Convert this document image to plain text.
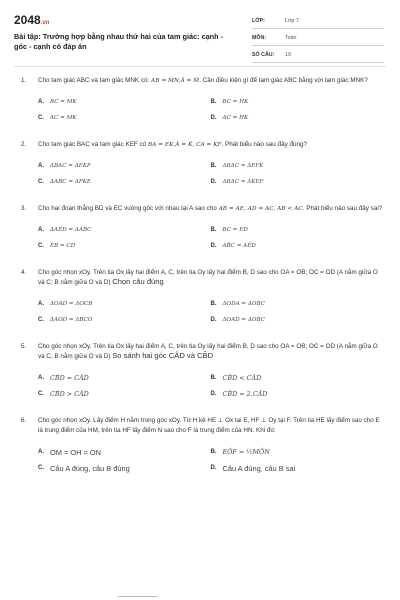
2048.vn
Bài tập: Trường hợp bằng nhau thứ hai của tam giác: cạnh - góc - cạnh có đáp án
LỚP:	Lớp 7
MÔN:	Toán
SỐ CÂU:	19
1.	Cho tam giác ABC và tam giác MNK có: AB = MN,Â = M̂. Cần điều kiện gì để tam giác ABC bằng với tam giác MNK?
A.	BC = MK	B.	BC = HK
C.	AC = MK	D.	AC = HK
2.	Cho tam giác BAC và tam giác KEF có BA = EK,Â = K̂, CA = KF. Phát biểu nào sau đây đúng?
A.	ΔBAC = ΔEKF	B.	ΔBAC = ΔEFK
C.	ΔABC = ΔFKE	D.	ΔBAC = ΔKEF
3.	Cho hai đoạn thẳng BD và EC vuông góc với nhau tại A sao cho AB = AE, AD = AC, AB < AC. Phát biểu nào sau đây sai?
A.	ΔAED = ΔABC	B.	BC = ED
C.	EB = CD	D.	AB̂C = AÊD
4.	Cho góc nhọn xOy. Trên tia Ox lấy hai điểm A, C, trên tia Oy lấy hai điểm B, D sao cho OA = OB; OC = OD (A nằm giữa O và C; B nằm giữa O và D) Chọn câu đúng
A.	ΔOAD = ΔOCB	B.	ΔODA = ΔOBC
C.	ΔAOD = ΔBCO	D.	ΔOAD = ΔOBC
5.	Cho góc nhọn xOy. Trên tia Ox lấy hai điểm A, C, trên tia Oy lấy hai điểm B, D sao cho OA = OB; OC = OD (A nằm giữa O và C, B nằm giữa O và D) So sánh hai góc CÂD và CB̂D
A. CB̂D = CÂD	B. CB̂D < CÂD
C. CB̂D > CÂD	D. CB̂D = 2.CÂD
6.	Cho góc nhọn xOy. Lấy điểm H nằm trong góc xOy. Từ H kẻ HE ⊥ Ox tại E, HF ⊥ Oy tại F. Trên tia HE lấy điểm sao cho E là trung điểm của HM, trên tia HF lấy điểm N sao cho F là trung điểm của HN. Khi đó:
A. OM = OH = ON	B. EÔF = ½MÔN
C. Câu A đúng, câu B đúng	D. Câu A đúng, câu B sai
